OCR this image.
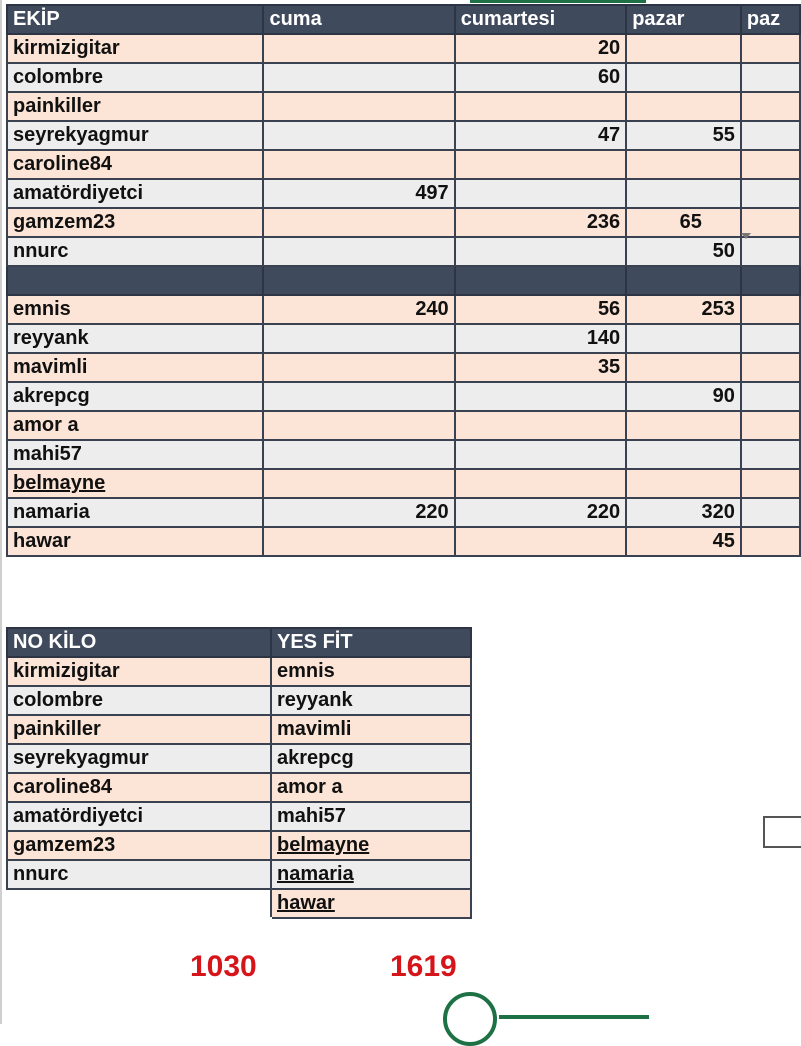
EKİP	cuma	cumartesi	pazar	paz
kirmizigitar		20		
colombre		60		
painkiller				
seyrekyagmur		47	55	
caroline84				
amatördiyetci	497			
gamzem23		236	65	
nnurc			50	

emnis	240	56	253	
reyyank		140		
mavimli		35		
akrepcg			90	
amor a				
mahi57				
belmayne				
namaria	220	220	320	
hawar			45	
NO KİLO	YES FİT
kirmizigitar	emnis
colombre	reyyank
painkiller	mavimli
seyrekyagmur	akrepcg
caroline84	amor a
amatördiyetci	mahi57
gamzem23	belmayne
nnurc	namaria
	hawar
1030	1619
